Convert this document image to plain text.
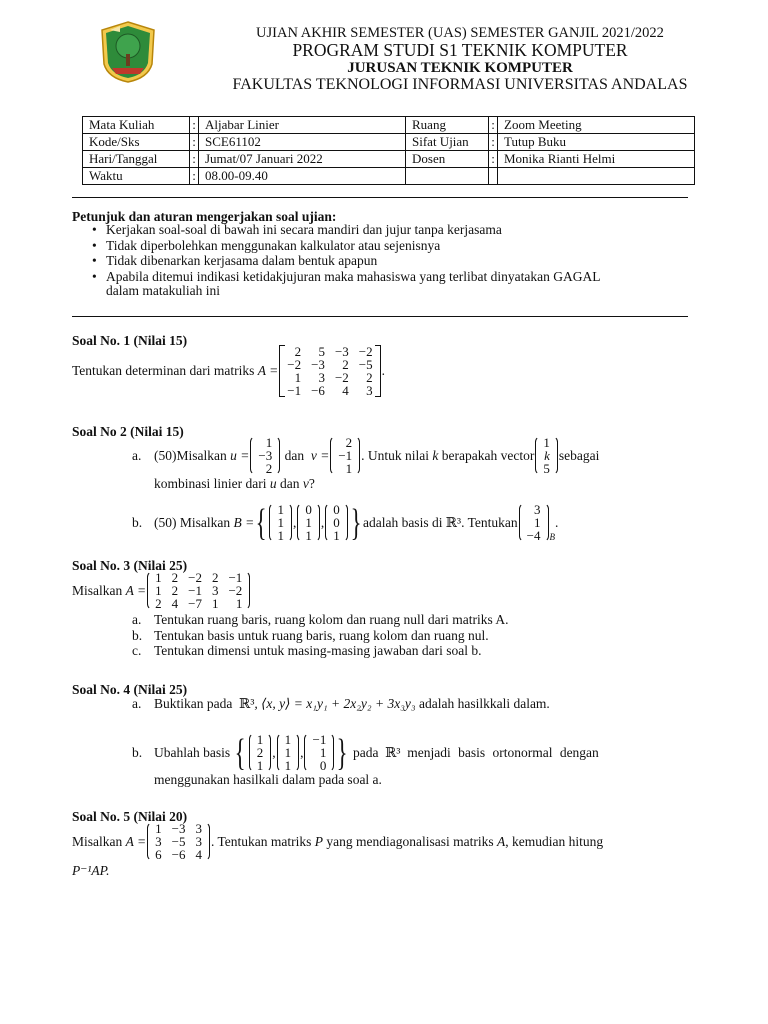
UJIAN AKHIR SEMESTER (UAS) SEMESTER GANJIL 2021/2022
PROGRAM STUDI S1 TEKNIK KOMPUTER
JURUSAN TEKNIK KOMPUTER
FAKULTAS TEKNOLOGI INFORMASI UNIVERSITAS ANDALAS
Mata Kuliah	:	Aljabar Linier	Ruang	:	Zoom Meeting
Kode/Sks	:	SCE61102	Sifat Ujian	:	Tutup Buku
Hari/Tanggal	:	Jumat/07 Januari 2022	Dosen	:	Monika Rianti Helmi
Waktu	:	08.00-09.40			
Petunjuk dan aturan mengerjakan soal ujian:
• Kerjakan soal-soal di bawah ini secara mandiri dan jujur tanpa kerjasama
• Tidak diperbolehkan menggunakan kalkulator atau sejenisnya
• Tidak dibenarkan kerjasama dalam bentuk apapun
• Apabila ditemui indikasi ketidakjujuran maka mahasiswa yang terlibat dinyatakan GAGAL
dalam matakuliah ini
Soal No. 1 (Nilai 15)
Tentukan determinan dari matriks
A =
2	5 −3 −2
−2 −3	2 −5
1	3 −2	2
−1 −6	4	3
.
Soal No 2 (Nilai 15)
a. (50)Misalkan
u =
1
−3
2

dan
v =
2
−1
1
. Untuk nilai
k
berapakah vector
1
k
5
sebagai
kombinasi linier dari u dan v?
b. (50) Misalkan
B = { 1
1
1
,
0
1
1
,
0
0
1 } adalah basis di
ℝ³ . Tentukan
3
1
−4 $_B$
.
Soal No. 3 (Nilai 25)
Misalkan
A =
1 2 −2 2 −1
1 2 −1 3 −2
2 4 −7 1	1
a. Tentukan ruang baris, ruang kolom dan ruang null dari matriks A.
b. Tentukan basis untuk ruang baris, ruang kolom dan ruang nul.
c. Tentukan dimensi untuk masing-masing jawaban dari soal b.
Soal No. 4 (Nilai 25)
a. Buktikan pada ℝ³, ⟨x, y⟩ = x₁y₁ + 2x₂y₂ + 3x₃y₃ adalah hasilkkali dalam.
b. Ubahlah basis
{ 1
2
1
,
1
1
1
,
−1
1
0 }
pada
ℝ³
menjadi basis ortonormal dengan
menggunakan hasilkali dalam pada soal a.
Soal No. 5 (Nilai 20)
Misalkan
A =
1 −3 3
3 −5 3
6 −6 4
. Tentukan matriks
P
yang mendiagonalisasi matriks
A , kemudian hitung
P⁻¹AP.
